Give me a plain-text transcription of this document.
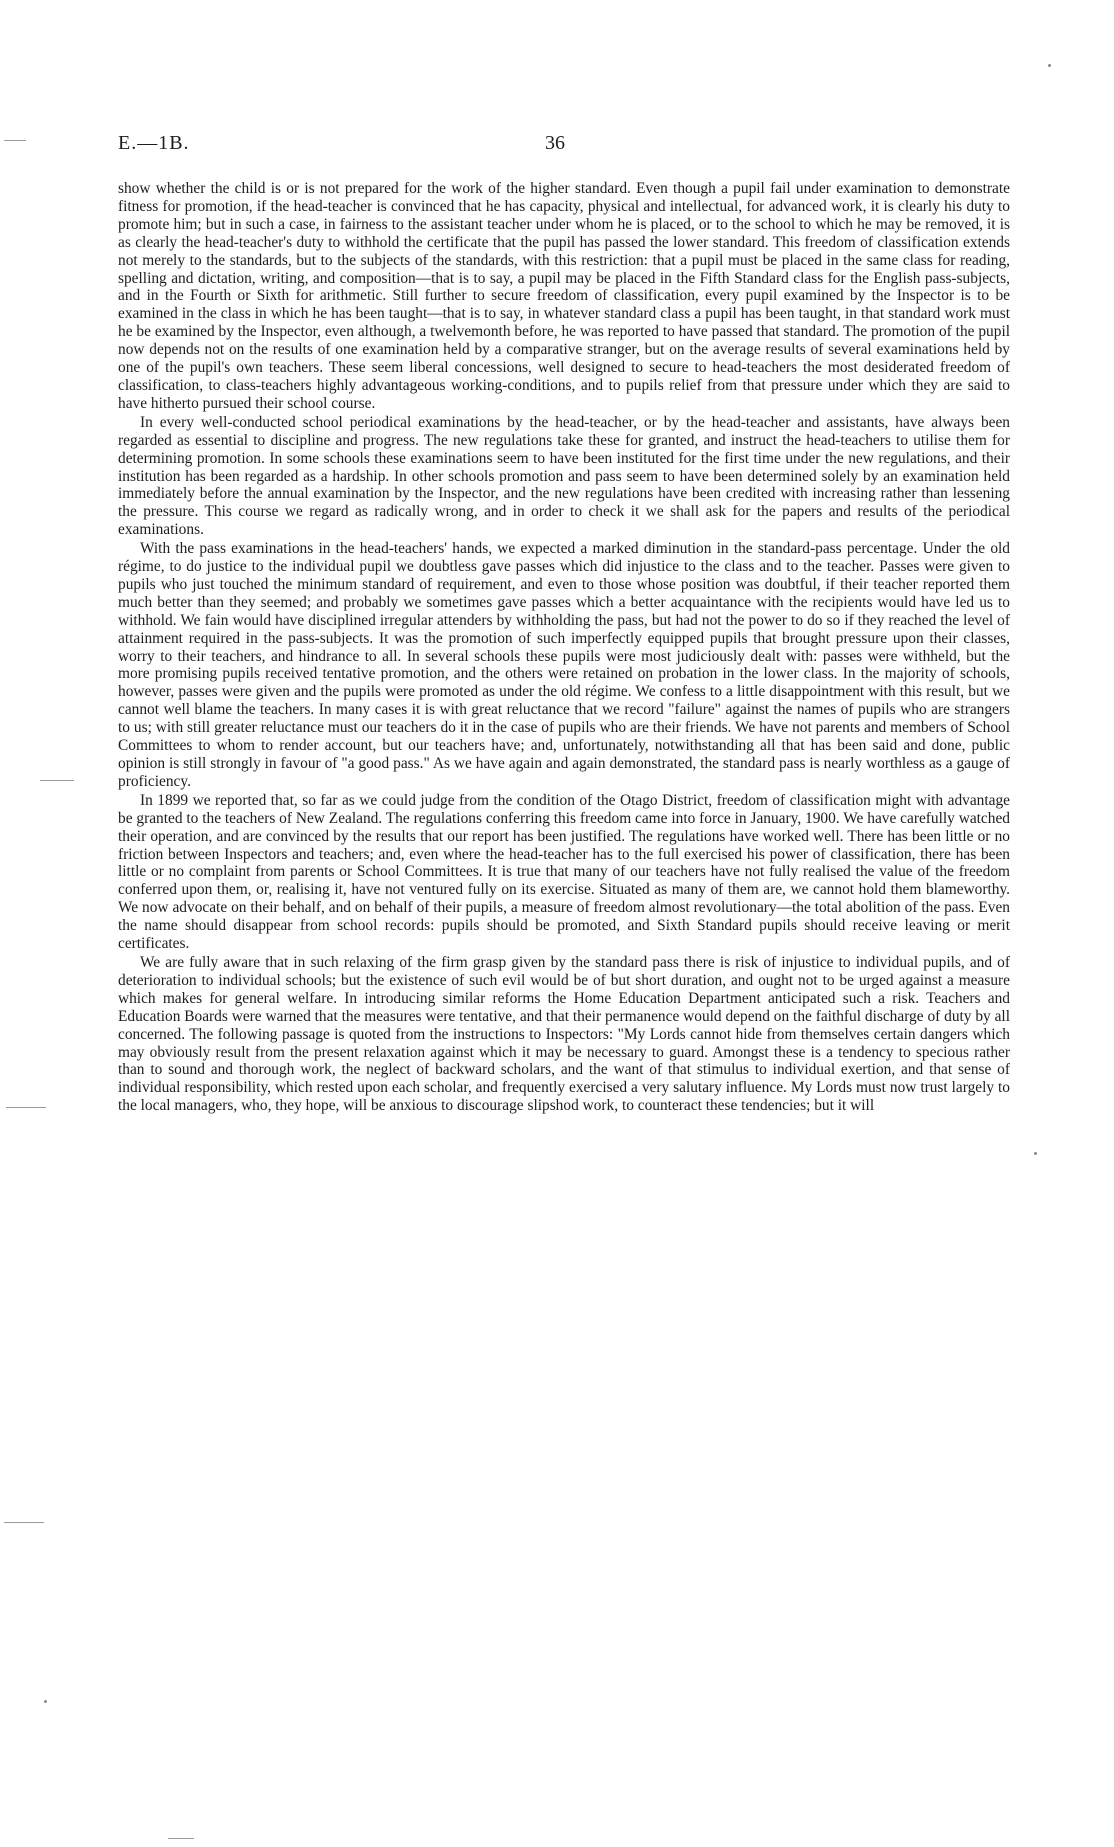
E.—1B.	36

show whether the child is or is not prepared for the work of the higher standard. Even though a pupil fail under examination to demonstrate fitness for promotion, if the head-teacher is convinced that he has capacity, physical and intellectual, for advanced work, it is clearly his duty to promote him; but in such a case, in fairness to the assistant teacher under whom he is placed, or to the school to which he may be removed, it is as clearly the head-teacher's duty to withhold the certificate that the pupil has passed the lower standard. This freedom of classification extends not merely to the standards, but to the subjects of the standards, with this restriction: that a pupil must be placed in the same class for reading, spelling and dictation, writing, and composition—that is to say, a pupil may be placed in the Fifth Standard class for the English pass-subjects, and in the Fourth or Sixth for arithmetic. Still further to secure freedom of classification, every pupil examined by the Inspector is to be examined in the class in which he has been taught—that is to say, in whatever standard class a pupil has been taught, in that standard work must he be examined by the Inspector, even although, a twelvemonth before, he was reported to have passed that standard. The promotion of the pupil now depends not on the results of one examination held by a comparative stranger, but on the average results of several examinations held by one of the pupil's own teachers. These seem liberal concessions, well designed to secure to head-teachers the most desiderated freedom of classification, to class-teachers highly advantageous working-conditions, and to pupils relief from that pressure under which they are said to have hitherto pursued their school course.

In every well-conducted school periodical examinations by the head-teacher, or by the head-teacher and assistants, have always been regarded as essential to discipline and progress. The new regulations take these for granted, and instruct the head-teachers to utilise them for determining promotion. In some schools these examinations seem to have been instituted for the first time under the new regulations, and their institution has been regarded as a hardship. In other schools promotion and pass seem to have been determined solely by an examination held immediately before the annual examination by the Inspector, and the new regulations have been credited with increasing rather than lessening the pressure. This course we regard as radically wrong, and in order to check it we shall ask for the papers and results of the periodical examinations.

With the pass examinations in the head-teachers' hands, we expected a marked diminution in the standard-pass percentage. Under the old régime, to do justice to the individual pupil we doubtless gave passes which did injustice to the class and to the teacher. Passes were given to pupils who just touched the minimum standard of requirement, and even to those whose position was doubtful, if their teacher reported them much better than they seemed; and probably we sometimes gave passes which a better acquaintance with the recipients would have led us to withhold. We fain would have disciplined irregular attenders by withholding the pass, but had not the power to do so if they reached the level of attainment required in the pass-subjects. It was the promotion of such imperfectly equipped pupils that brought pressure upon their classes, worry to their teachers, and hindrance to all. In several schools these pupils were most judiciously dealt with: passes were withheld, but the more promising pupils received tentative promotion, and the others were retained on probation in the lower class. In the majority of schools, however, passes were given and the pupils were promoted as under the old régime. We confess to a little disappointment with this result, but we cannot well blame the teachers. In many cases it is with great reluctance that we record "failure" against the names of pupils who are strangers to us; with still greater reluctance must our teachers do it in the case of pupils who are their friends. We have not parents and members of School Committees to whom to render account, but our teachers have; and, unfortunately, notwithstanding all that has been said and done, public opinion is still strongly in favour of "a good pass." As we have again and again demonstrated, the standard pass is nearly worthless as a gauge of proficiency.

In 1899 we reported that, so far as we could judge from the condition of the Otago District, freedom of classification might with advantage be granted to the teachers of New Zealand. The regulations conferring this freedom came into force in January, 1900. We have carefully watched their operation, and are convinced by the results that our report has been justified. The regulations have worked well. There has been little or no friction between Inspectors and teachers; and, even where the head-teacher has to the full exercised his power of classification, there has been little or no complaint from parents or School Committees. It is true that many of our teachers have not fully realised the value of the freedom conferred upon them, or, realising it, have not ventured fully on its exercise. Situated as many of them are, we cannot hold them blameworthy. We now advocate on their behalf, and on behalf of their pupils, a measure of freedom almost revolutionary—the total abolition of the pass. Even the name should disappear from school records: pupils should be promoted, and Sixth Standard pupils should receive leaving or merit certificates.

We are fully aware that in such relaxing of the firm grasp given by the standard pass there is risk of injustice to individual pupils, and of deterioration to individual schools; but the existence of such evil would be of but short duration, and ought not to be urged against a measure which makes for general welfare. In introducing similar reforms the Home Education Department anticipated such a risk. Teachers and Education Boards were warned that the measures were tentative, and that their permanence would depend on the faithful discharge of duty by all concerned. The following passage is quoted from the instructions to Inspectors: "My Lords cannot hide from themselves certain dangers which may obviously result from the present relaxation against which it may be necessary to guard. Amongst these is a tendency to specious rather than to sound and thorough work, the neglect of backward scholars, and the want of that stimulus to individual exertion, and that sense of individual responsibility, which rested upon each scholar, and frequently exercised a very salutary influence. My Lords must now trust largely to the local managers, who, they hope, will be anxious to discourage slipshod work, to counteract these tendencies; but it will
